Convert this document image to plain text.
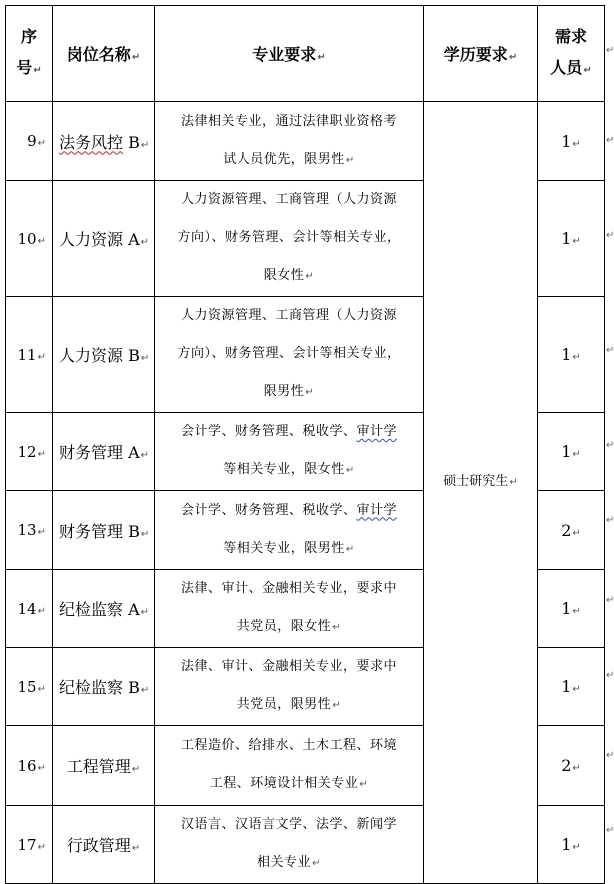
序
号↵	岗位名称↵	专业要求↵	学历要求↵	需求
人员↵
9↵	法务风控 B↵	法律相关专业，通过法律职业资格考
试人员优先，限男性↵	硕士研究生↵	1↵
10↵	人力资源 A↵	人力资源管理、工商管理（人力资源
方向）、财务管理、会计等相关专业，
限女性↵		1↵
11↵	人力资源 B↵	人力资源管理、工商管理（人力资源
方向）、财务管理、会计等相关专业，
限男性↵		1↵
12↵	财务管理 A↵	会计学、财务管理、税收学、审计学
等相关专业，限女性↵		1↵
13↵	财务管理 B↵	会计学、财务管理、税收学、审计学
等相关专业，限男性↵		2↵
14↵	纪检监察 A↵	法律、审计、金融相关专业，要求中
共党员，限女性↵		1↵
15↵	纪检监察 B↵	法律、审计、金融相关专业，要求中
共党员，限男性↵		1↵
16↵	工程管理↵	工程造价、给排水、土木工程、环境
工程、环境设计相关专业↵		2↵
17↵	行政管理↵	汉语言、汉语言文学、法学、新闻学
相关专业↵		1↵
↵
↵
↵
↵
↵
↵
↵
↵
↵
↵
